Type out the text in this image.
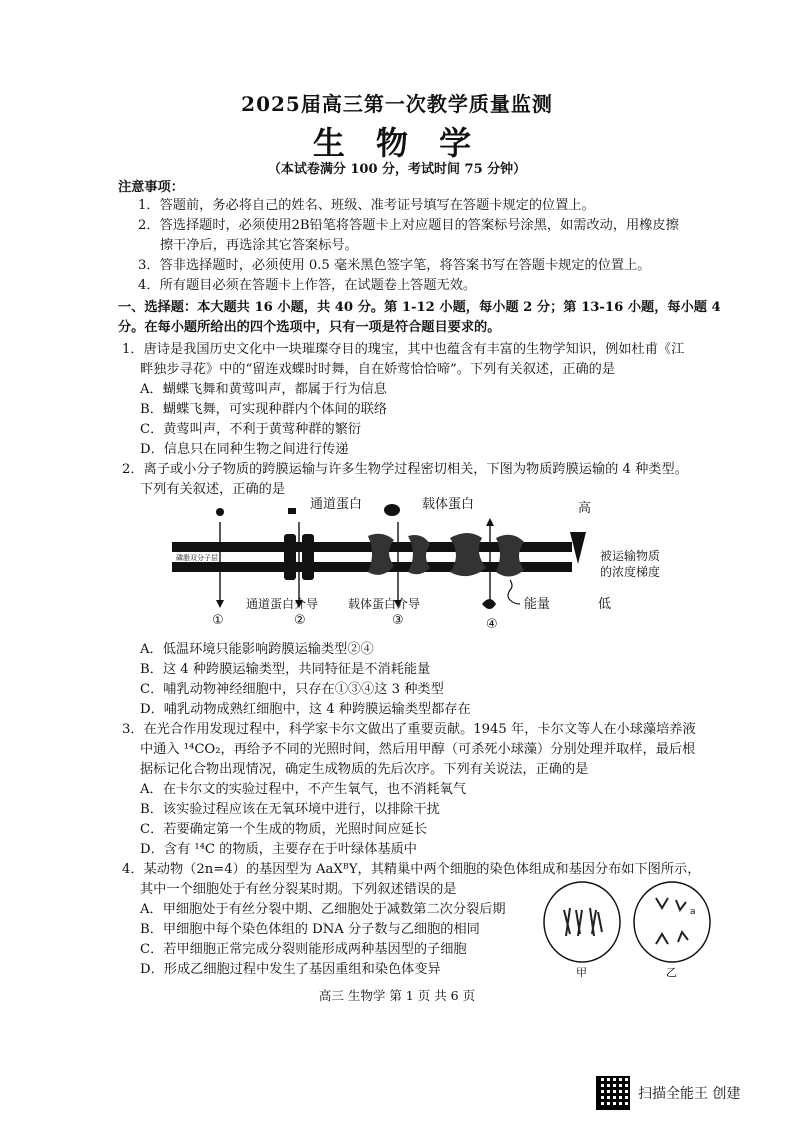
2025届高三第一次教学质量监测
生 物 学
（本试卷满分 100 分，考试时间 75 分钟）
注意事项：
1．答题前，务必将自己的姓名、班级、准考证号填写在答题卡规定的位置上。
2．答选择题时，必须使用2B铅笔将答题卡上对应题目的答案标号涂黑，如需改动，用橡皮擦
擦干净后，再选涂其它答案标号。
3．答非选择题时，必须使用 0.5 毫米黑色签字笔，将答案书写在答题卡规定的位置上。
4．所有题目必须在答题卡上作答，在试题卷上答题无效。
一、选择题：本大题共 16 小题，共 40 分。第 1-12 小题，每小题 2 分；第 13-16 小题，每小题 4
分。在每小题所给出的四个选项中，只有一项是符合题目要求的。
1．唐诗是我国历史文化中一块璀璨夺目的瑰宝，其中也蕴含有丰富的生物学知识，例如杜甫《江
畔独步寻花》中的“留连戏蝶时时舞，自在娇莺恰恰啼”。下列有关叙述，正确的是
A．蝴蝶飞舞和黄莺叫声，都属于行为信息
B．蝴蝶飞舞，可实现种群内个体间的联络
C．黄莺叫声，不利于黄莺种群的繁衍
D．信息只在同种生物之间进行传递
2．离子或小分子物质的跨膜运输与许多生物学过程密切相关，下图为物质跨膜运输的 4 种类型。
下列有关叙述，正确的是
磷脂双分子层
通道蛋白	载体蛋白
能量
高
低
被运输物质
的浓度梯度
通道蛋白介导 载体蛋白介导
①	②	③	④
A．低温环境只能影响跨膜运输类型②④
B．这 4 种跨膜运输类型，共同特征是不消耗能量
C．哺乳动物神经细胞中，只存在①③④这 3 种类型
D．哺乳动物成熟红细胞中，这 4 种跨膜运输类型都存在
3．在光合作用发现过程中，科学家卡尔文做出了重要贡献。1945 年，卡尔文等人在小球藻培养液
中通入 ¹⁴CO₂，再给予不同的光照时间，然后用甲醇（可杀死小球藻）分别处理并取样，最后根
据标记化合物出现情况，确定生成物质的先后次序。下列有关说法，正确的是
A．在卡尔文的实验过程中，不产生氧气，也不消耗氧气
B．该实验过程应该在无氧环境中进行，以排除干扰
C．若要确定第一个生成的物质，光照时间应延长
D．含有 ¹⁴C 的物质，主要存在于叶绿体基质中
4．某动物（2n=4）的基因型为 AaXᴮY，其精巢中两个细胞的染色体组成和基因分布如下图所示，
其中一个细胞处于有丝分裂某时期。下列叙述错误的是
A．甲细胞处于有丝分裂中期、乙细胞处于减数第二次分裂后期
B．甲细胞中每个染色体组的 DNA 分子数与乙细胞的相同
C．若甲细胞正常完成分裂则能形成两种基因型的子细胞
D．形成乙细胞过程中发生了基因重组和染色体变异
a
甲	乙
高三 生物学 第 1 页 共 6 页
扫描全能王 创建
